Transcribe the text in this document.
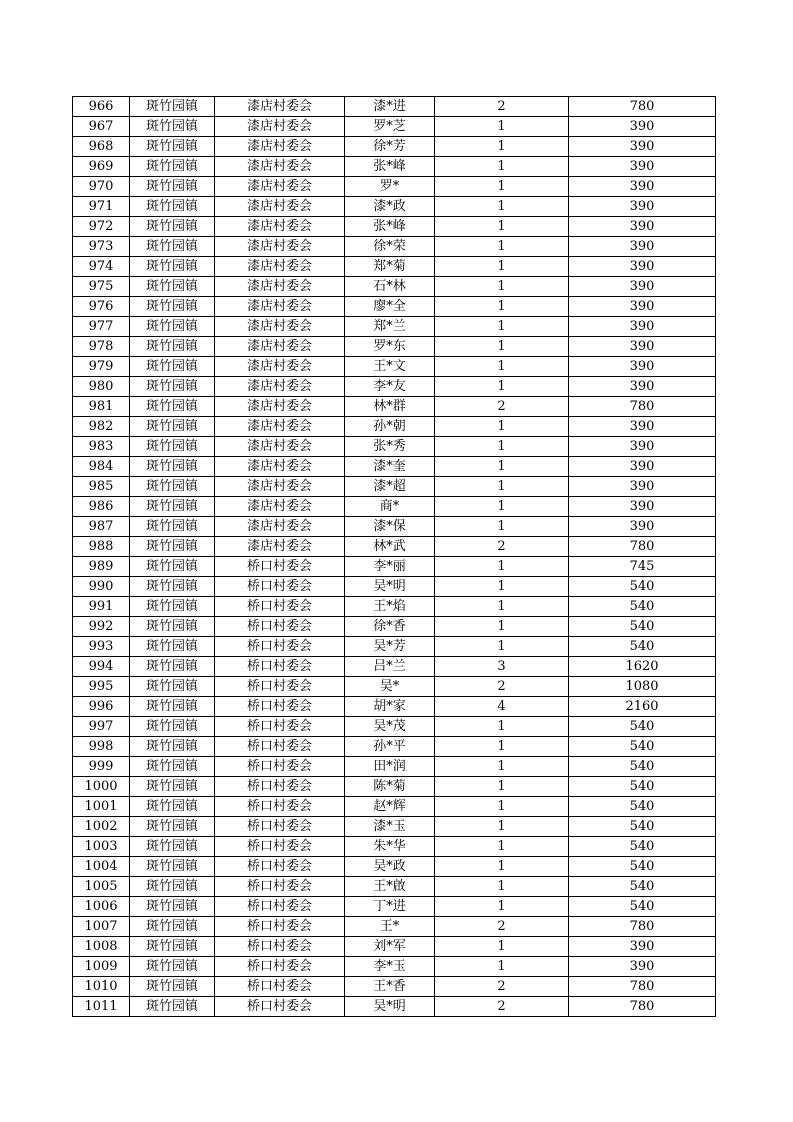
966	斑竹园镇	漆店村委会	漆*进	2	780
967	斑竹园镇	漆店村委会	罗*芝	1	390
968	斑竹园镇	漆店村委会	徐*芳	1	390
969	斑竹园镇	漆店村委会	张*峰	1	390
970	斑竹园镇	漆店村委会	罗*	1	390
971	斑竹园镇	漆店村委会	漆*政	1	390
972	斑竹园镇	漆店村委会	张*峰	1	390
973	斑竹园镇	漆店村委会	徐*荣	1	390
974	斑竹园镇	漆店村委会	郑*菊	1	390
975	斑竹园镇	漆店村委会	石*林	1	390
976	斑竹园镇	漆店村委会	廖*全	1	390
977	斑竹园镇	漆店村委会	郑*兰	1	390
978	斑竹园镇	漆店村委会	罗*东	1	390
979	斑竹园镇	漆店村委会	王*文	1	390
980	斑竹园镇	漆店村委会	李*友	1	390
981	斑竹园镇	漆店村委会	林*群	2	780
982	斑竹园镇	漆店村委会	孙*朝	1	390
983	斑竹园镇	漆店村委会	张*秀	1	390
984	斑竹园镇	漆店村委会	漆*奎	1	390
985	斑竹园镇	漆店村委会	漆*超	1	390
986	斑竹园镇	漆店村委会	商*	1	390
987	斑竹园镇	漆店村委会	漆*保	1	390
988	斑竹园镇	漆店村委会	林*武	2	780
989	斑竹园镇	桥口村委会	李*丽	1	745
990	斑竹园镇	桥口村委会	吴*明	1	540
991	斑竹园镇	桥口村委会	王*焰	1	540
992	斑竹园镇	桥口村委会	徐*香	1	540
993	斑竹园镇	桥口村委会	吴*芳	1	540
994	斑竹园镇	桥口村委会	吕*兰	3	1620
995	斑竹园镇	桥口村委会	吴*	2	1080
996	斑竹园镇	桥口村委会	胡*家	4	2160
997	斑竹园镇	桥口村委会	吴*茂	1	540
998	斑竹园镇	桥口村委会	孙*平	1	540
999	斑竹园镇	桥口村委会	田*润	1	540
1000	斑竹园镇	桥口村委会	陈*菊	1	540
1001	斑竹园镇	桥口村委会	赵*辉	1	540
1002	斑竹园镇	桥口村委会	漆*玉	1	540
1003	斑竹园镇	桥口村委会	朱*华	1	540
1004	斑竹园镇	桥口村委会	吴*政	1	540
1005	斑竹园镇	桥口村委会	王*啟	1	540
1006	斑竹园镇	桥口村委会	丁*进	1	540
1007	斑竹园镇	桥口村委会	王*	2	780
1008	斑竹园镇	桥口村委会	刘*军	1	390
1009	斑竹园镇	桥口村委会	李*玉	1	390
1010	斑竹园镇	桥口村委会	王*香	2	780
1011	斑竹园镇	桥口村委会	吴*明	2	780
